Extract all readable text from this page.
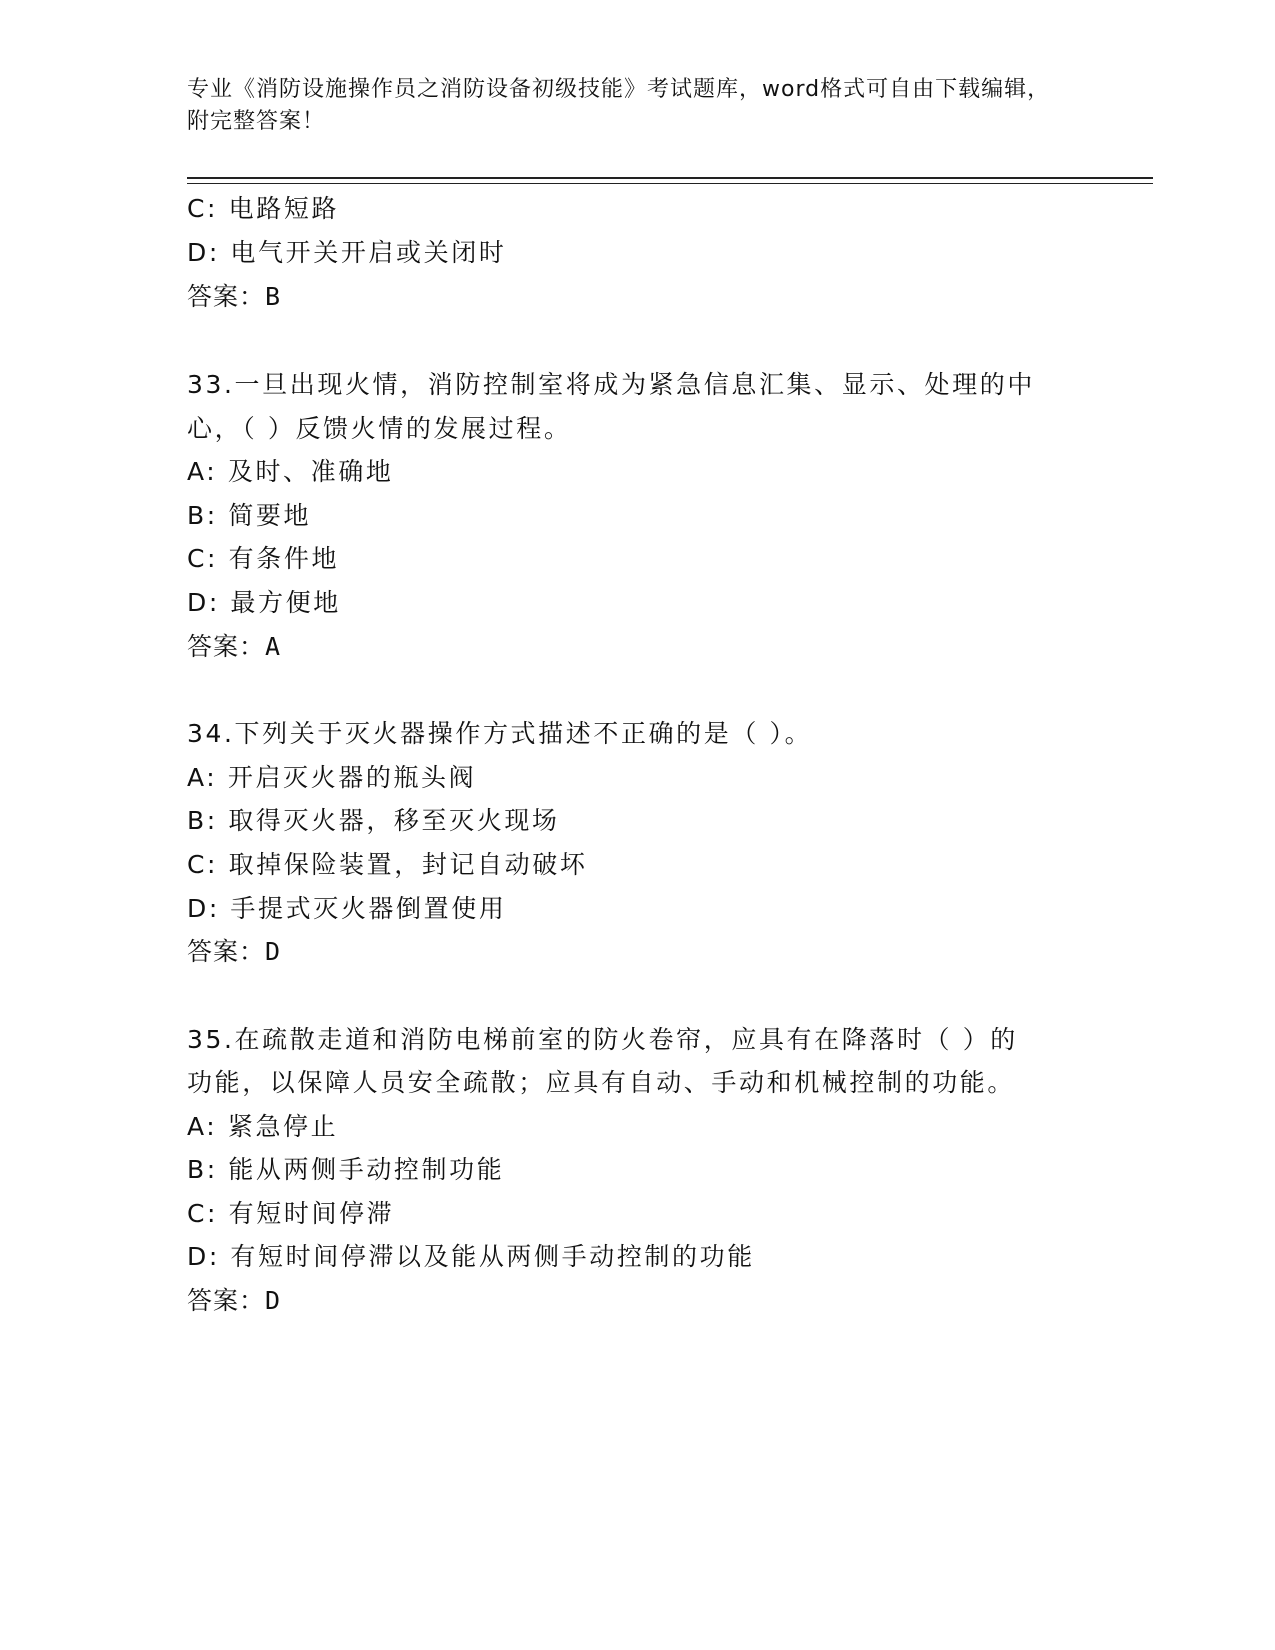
专业《消防设施操作员之消防设备初级技能》考试题库，word格式可自由下载编辑，附完整答案！
C: 电路短路
D: 电气开关开启或关闭时
答案：B
33.一旦出现火情，消防控制室将成为紧急信息汇集、显示、处理的中
心，（ ）反馈火情的发展过程。
A: 及时、准确地
B: 简要地
C: 有条件地
D: 最方便地
答案：A
34.下列关于灭火器操作方式描述不正确的是（ ）。
A: 开启灭火器的瓶头阀
B: 取得灭火器，移至灭火现场
C: 取掉保险装置，封记自动破坏
D: 手提式灭火器倒置使用
答案：D
35.在疏散走道和消防电梯前室的防火卷帘，应具有在降落时（ ）的
功能，以保障人员安全疏散；应具有自动、手动和机械控制的功能。
A: 紧急停止
B: 能从两侧手动控制功能
C: 有短时间停滞
D: 有短时间停滞以及能从两侧手动控制的功能
答案：D
